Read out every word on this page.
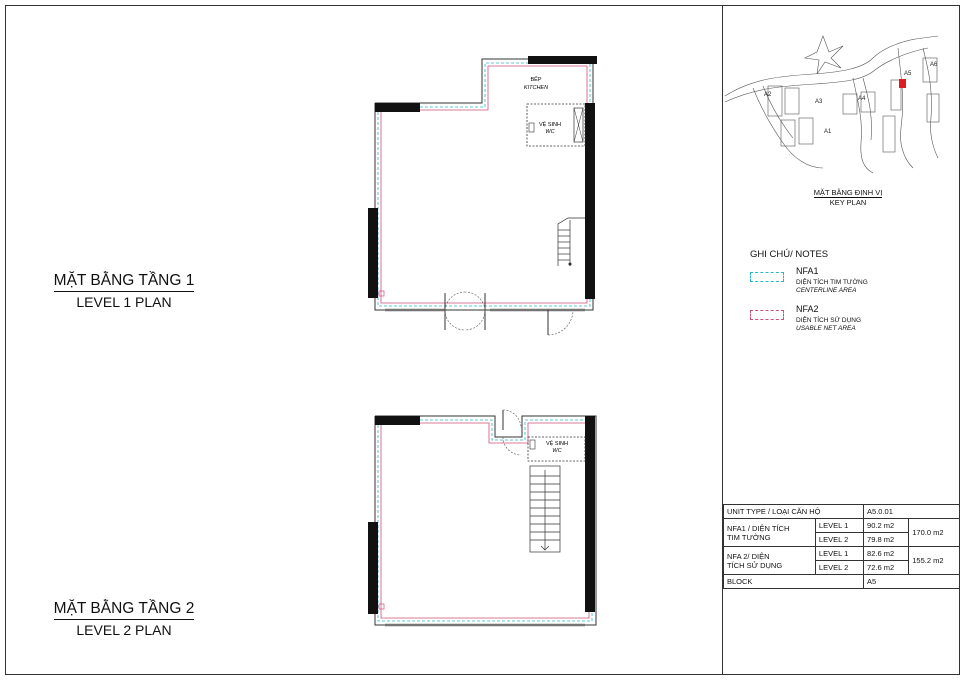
MẶT BẰNG TẦNG 1
LEVEL 1 PLAN
MẶT BẰNG TẦNG 2
LEVEL 2 PLAN
VỆ SINH
WC
BẾP
KITCHEN
VỆ SINH
WC
A1
A2
A3	A4
A5
A6
MẶT BẰNG ĐỊNH VỊ
KEY PLAN
GHI CHÚ/ NOTES
NFA1
DIỆN TÍCH TIM TƯỜNG
CENTERLINE AREA
NFA2
DIỆN TÍCH SỬ DỤNG
USABLE NET AREA
UNIT TYPE / LOẠI CĂN HỘ		A5.0.01	
NFA1 / DIỆN TÍCH
TIM TƯỜNG	LEVEL 1	90.2 m2	170.0 m2
	LEVEL 2	79.8 m2	
NFA 2/ DIỆN
TÍCH SỬ DỤNG	LEVEL 1	82.6 m2	155.2 m2
	LEVEL 2	72.6 m2	
BLOCK		A5	
